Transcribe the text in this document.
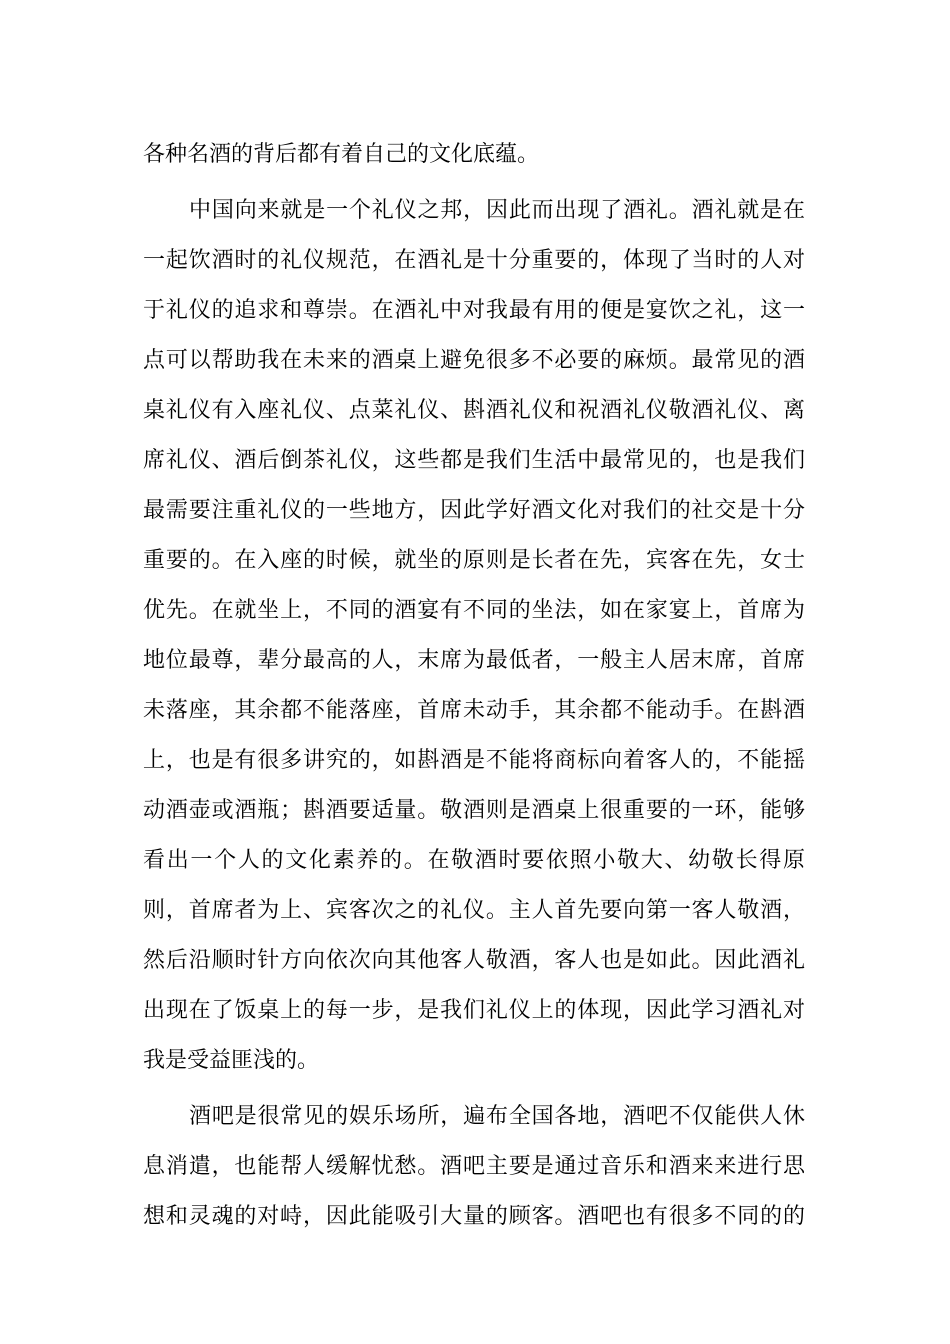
各种名酒的背后都有着自己的文化底蕴。
中国向来就是一个礼仪之邦，因此而出现了酒礼。酒礼就是在
一起饮酒时的礼仪规范，在酒礼是十分重要的，体现了当时的人对
于礼仪的追求和尊崇。在酒礼中对我最有用的便是宴饮之礼，这一
点可以帮助我在未来的酒桌上避免很多不必要的麻烦。最常见的酒
桌礼仪有入座礼仪、点菜礼仪、斟酒礼仪和祝酒礼仪敬酒礼仪、离
席礼仪、酒后倒茶礼仪，这些都是我们生活中最常见的，也是我们
最需要注重礼仪的一些地方，因此学好酒文化对我们的社交是十分
重要的。在入座的时候，就坐的原则是长者在先，宾客在先，女士
优先。在就坐上，不同的酒宴有不同的坐法，如在家宴上，首席为
地位最尊，辈分最高的人，末席为最低者，一般主人居末席，首席
未落座，其余都不能落座，首席未动手，其余都不能动手。在斟酒
上，也是有很多讲究的，如斟酒是不能将商标向着客人的，不能摇
动酒壶或酒瓶；斟酒要适量。敬酒则是酒桌上很重要的一环，能够
看出一个人的文化素养的。在敬酒时要依照小敬大、幼敬长得原
则，首席者为上、宾客次之的礼仪。主人首先要向第一客人敬酒，
然后沿顺时针方向依次向其他客人敬酒，客人也是如此。因此酒礼
出现在了饭桌上的每一步，是我们礼仪上的体现，因此学习酒礼对
我是受益匪浅的。
酒吧是很常见的娱乐场所，遍布全国各地，酒吧不仅能供人休
息消遣，也能帮人缓解忧愁。酒吧主要是通过音乐和酒来来进行思
想和灵魂的对峙，因此能吸引大量的顾客。酒吧也有很多不同的的
